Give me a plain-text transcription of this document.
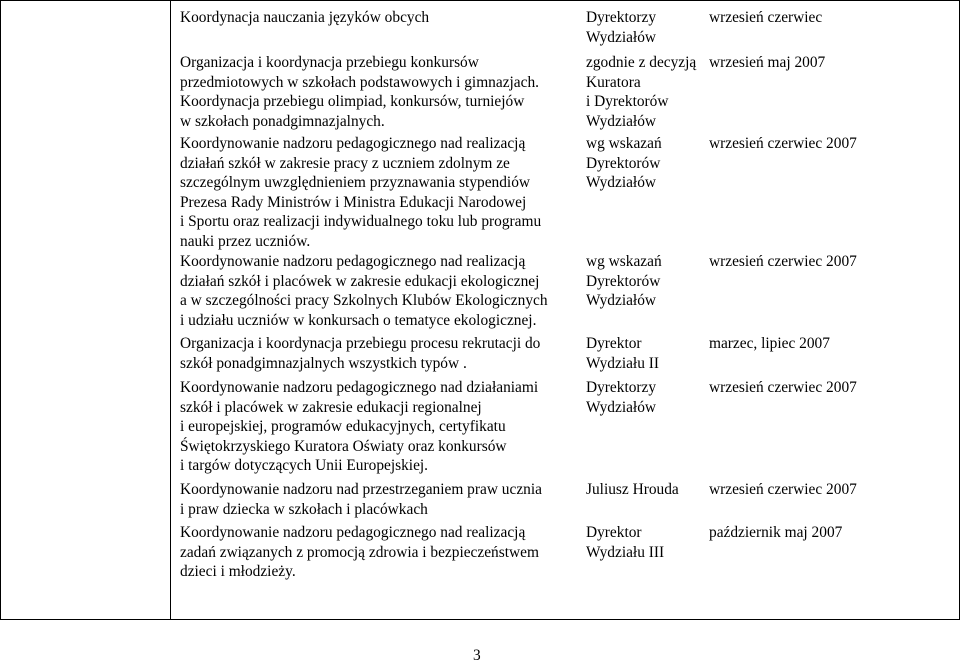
Koordynacja nauczania języków obcych	Dyrektorzy
Wydziałów
wrzesień czerwiec
Organizacja i koordynacja przebiegu konkursów
przedmiotowych w szkołach podstawowych i gimnazjach.
Koordynacja przebiegu olimpiad, konkursów, turniejów
w szkołach ponadgimnazjalnych.
zgodnie z decyzją
Kuratora
i Dyrektorów
Wydziałów
wrzesień maj 2007
Koordynowanie nadzoru pedagogicznego nad realizacją
działań szkół w zakresie pracy z uczniem zdolnym ze
szczególnym uwzględnieniem przyznawania stypendiów
Prezesa Rady Ministrów i Ministra Edukacji Narodowej
i Sportu oraz realizacji indywidualnego toku lub programu
nauki przez uczniów.
wg wskazań
Dyrektorów
Wydziałów
wrzesień czerwiec 2007
Koordynowanie nadzoru pedagogicznego nad realizacją
działań szkół i placówek w zakresie edukacji ekologicznej
a w szczególności pracy Szkolnych Klubów Ekologicznych
i udziału uczniów w konkursach o tematyce ekologicznej.
wg wskazań
Dyrektorów
Wydziałów
wrzesień czerwiec 2007
Organizacja i koordynacja przebiegu procesu rekrutacji do
szkół ponadgimnazjalnych wszystkich typów .
Dyrektor
Wydziału II
marzec, lipiec 2007
Koordynowanie nadzoru pedagogicznego nad działaniami
szkół i placówek w zakresie edukacji regionalnej
i europejskiej, programów edukacyjnych, certyfikatu
Świętokrzyskiego Kuratora Oświaty oraz konkursów
i targów dotyczących Unii Europejskiej.
Dyrektorzy
Wydziałów
wrzesień czerwiec 2007
Koordynowanie nadzoru nad przestrzeganiem praw ucznia
i praw dziecka w szkołach i placówkach
Juliusz Hrouda wrzesień czerwiec 2007
Koordynowanie nadzoru pedagogicznego nad realizacją
zadań związanych z promocją zdrowia i bezpieczeństwem
dzieci i młodzieży.
Dyrektor
Wydziału III
październik maj 2007
3
